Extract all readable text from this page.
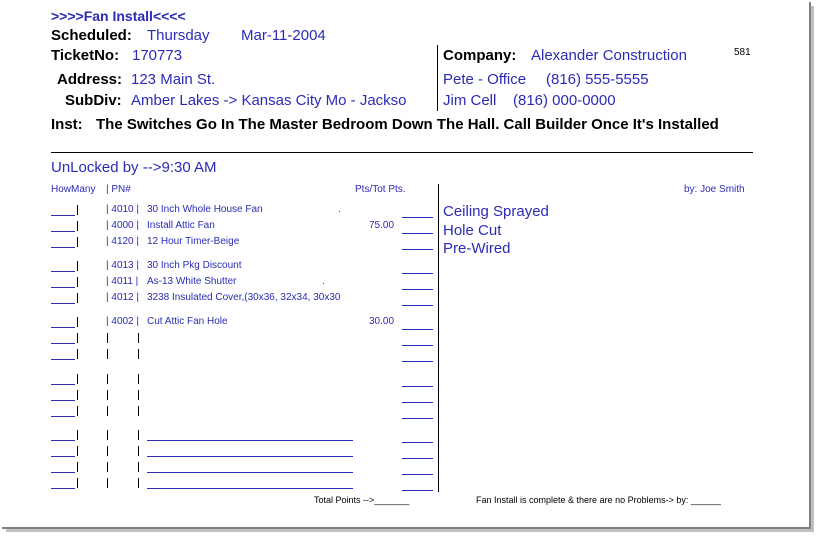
>>>>Fan Install<<<<
Scheduled: Thursday Mar-11-2004
TicketNo: 170773
Address: 123 Main St.
SubDiv: Amber Lakes -> Kansas City Mo - Jackso
Company: Alexander Construction	581
Pete - Office (816) 555-5555
Jim Cell (816) 000-0000
Inst: The Switches Go In The Master Bedroom Down The Hall. Call Builder Once It's Installed
UnLocked by -->9:30 AM
HowMany | PN#	Pts/Tot Pts.	by: Joe Smith
| 4010 | 30 Inch Whole House Fan	.
| 4000 | Install Attic Fan	75.00
| 4120 | 12 Hour Timer-Beige
| 4013 | 30 Inch Pkg Discount
| 4011 | As-13 White Shutter	.
| 4012 | 3238 Insulated Cover,(30x36, 32x34, 30x30
| 4002 | Cut Attic Fan Hole	30.00
Ceiling Sprayed
Hole Cut
Pre-Wired
Total Points -->_______	Fan Install is complete & there are no Problems-> by: ______
